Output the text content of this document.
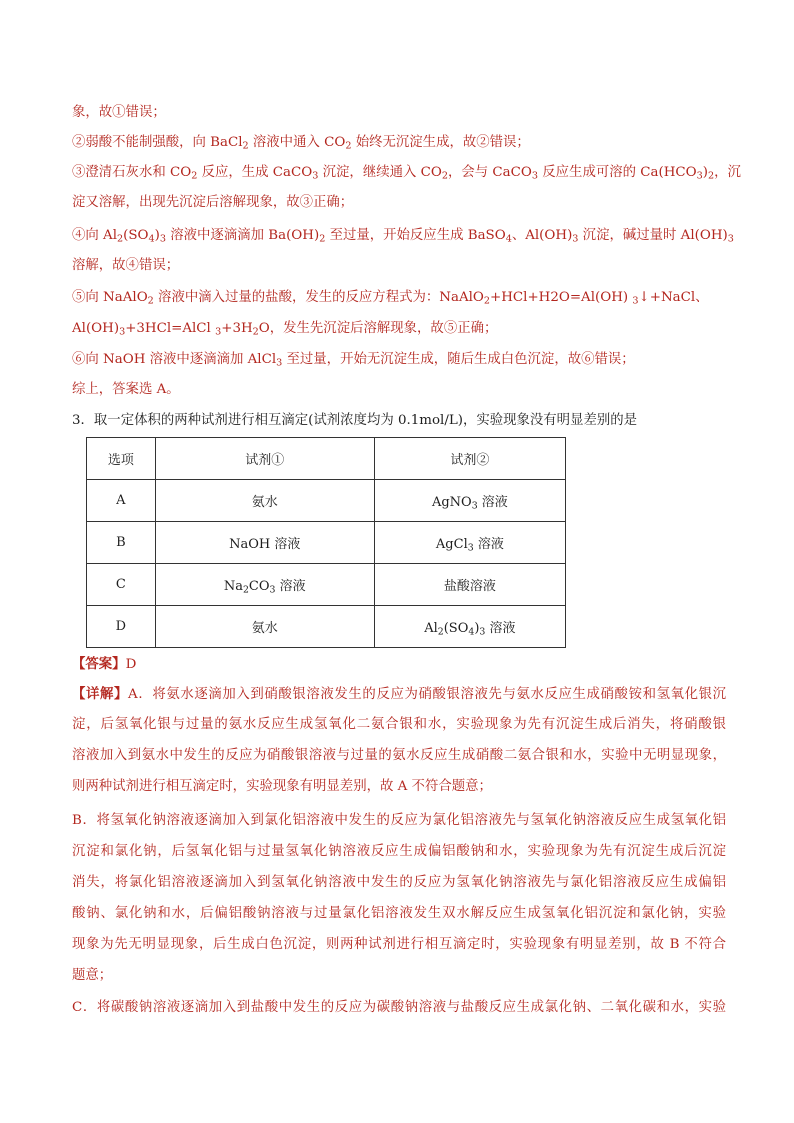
象，故①错误；
②弱酸不能制强酸，向 BaCl$_2$ 溶液中通入 $CO_2$ 始终无沉淀生成，故②错误；
③澄清石灰水和 $CO_2$ 反应，生成 CaCO$_3$ 沉淀，继续通入 $CO_2$，会与 CaCO$_3$ 反应生成可溶的 $Ca(HCO_3)_2$，沉
淀又溶解，出现先沉淀后溶解现象，故③正确；
④向 $Al_2(SO_4)_3$ 溶液中逐滴滴加 $Ba(OH)_2$ 至过量，开始反应生成 BaSO$_4$、$Al(OH)_3$ 沉淀，碱过量时 $Al(OH)_3$
溶解，故④错误；
⑤向 NaAlO$_2$ 溶液中滴入过量的盐酸，发生的反应方程式为：NaAlO$_2$+HCl+H2O=Al(OH) $_3$↓+NaCl、
$Al(OH)_3+3HCl=AlCl$ $_3+3H_2O$，发生先沉淀后溶解现象，故⑤正确；
⑥向 NaOH 溶液中逐滴滴加 AlCl$_3$ 至过量，开始无沉淀生成，随后生成白色沉淀，故⑥错误；
综上，答案选 A。
3．取一定体积的两种试剂进行相互滴定(试剂浓度均为 0.1mol/L)，实验现象没有明显差别的是
【答案】D
【详解】A．将氨水逐滴加入到硝酸银溶液发生的反应为硝酸银溶液先与氨水反应生成硝酸铵和氢氧化银沉
淀，后氢氧化银与过量的氨水反应生成氢氧化二氨合银和水，实验现象为先有沉淀生成后消失，将硝酸银
溶液加入到氨水中发生的反应为硝酸银溶液与过量的氨水反应生成硝酸二氨合银和水，实验中无明显现象，
则两种试剂进行相互滴定时，实验现象有明显差别，故 A 不符合题意；
B．将氢氧化钠溶液逐滴加入到氯化铝溶液中发生的反应为氯化铝溶液先与氢氧化钠溶液反应生成氢氧化铝
沉淀和氯化钠，后氢氧化铝与过量氢氧化钠溶液反应生成偏铝酸钠和水，实验现象为先有沉淀生成后沉淀
消失，将氯化铝溶液逐滴加入到氢氧化钠溶液中发生的反应为氢氧化钠溶液先与氯化铝溶液反应生成偏铝
酸钠、氯化钠和水，后偏铝酸钠溶液与过量氯化铝溶液发生双水解反应生成氢氧化铝沉淀和氯化钠，实验
现象为先无明显现象，后生成白色沉淀，则两种试剂进行相互滴定时，实验现象有明显差别，故 B 不符合
题意；
C．将碳酸钠溶液逐滴加入到盐酸中发生的反应为碳酸钠溶液与盐酸反应生成氯化钠、二氧化碳和水，实验
选项	试剂①	试剂②
A	氨水	AgNO$_3$ 溶液
B	NaOH 溶液	AgCl$_3$ 溶液
C	$Na_2CO_3$ 溶液	盐酸溶液
D	氨水	$Al_2(SO_4)_3$ 溶液
